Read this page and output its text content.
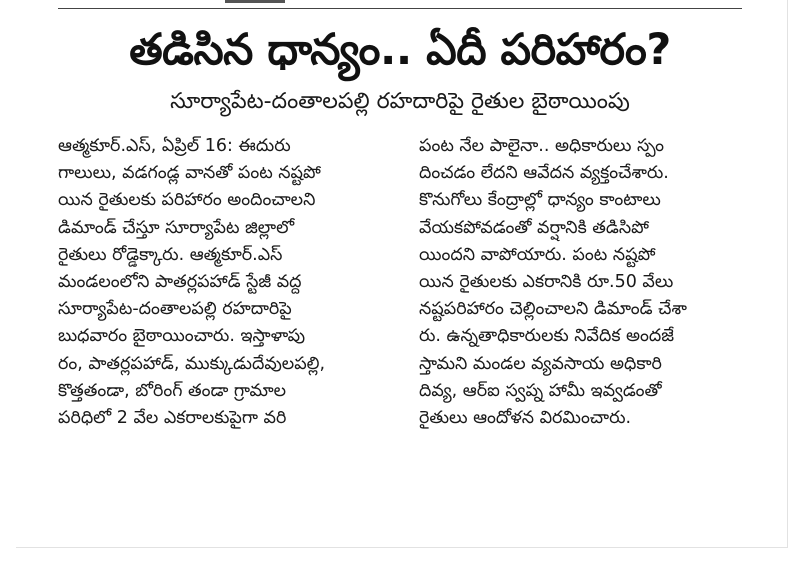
తడిసిన ధాన్యం.. ఏదీ పరిహారం?
సూర్యాపేట-దంతాలపల్లి రహదారిపై రైతుల బైఠాయింపు
ఆత్మకూర్.ఎస్, ఏప్రిల్ 16: ఈదురు
గాలులు, వడగండ్ల వానతో పంట నష్టపో
యిన రైతులకు పరిహారం అందించాలని
డిమాండ్ చేస్తూ సూర్యాపేట జిల్లాలో
రైతులు రోడ్డెక్కారు. ఆత్మకూర్.ఎస్
మండలంలోని పాతర్లపహాడ్ స్టేజీ వద్ద
సూర్యాపేట-దంతాలపల్లి రహదారిపై
బుధవారం బైఠాయించారు. ఇస్తాళాపు
రం, పాతర్లపహాడ్, ముక్కుడుదేవులపల్లి,
కొత్తతండా, బోరింగ్ తండా గ్రామాల
పరిధిలో 2 వేల ఎకరాలకుపైగా వరి
పంట నేల పాలైనా.. అధికారులు స్పం
దించడం లేదని ఆవేదన వ్యక్తంచేశారు.
కొనుగోలు కేంద్రాల్లో ధాన్యం కాంటాలు
వేయకపోవడంతో వర్షానికి తడిసిపో
యిందని వాపోయారు. పంట నష్టపో
యిన రైతులకు ఎకరానికి రూ.50 వేలు
నష్టపరిహారం చెల్లించాలని డిమాండ్ చేశా
రు. ఉన్నతాధికారులకు నివేదిక అందజే
స్తామని మండల వ్యవసాయ అధికారి
దివ్య, ఆర్ఐ స్వప్న హామీ ఇవ్వడంతో
రైతులు ఆందోళన విరమించారు.
